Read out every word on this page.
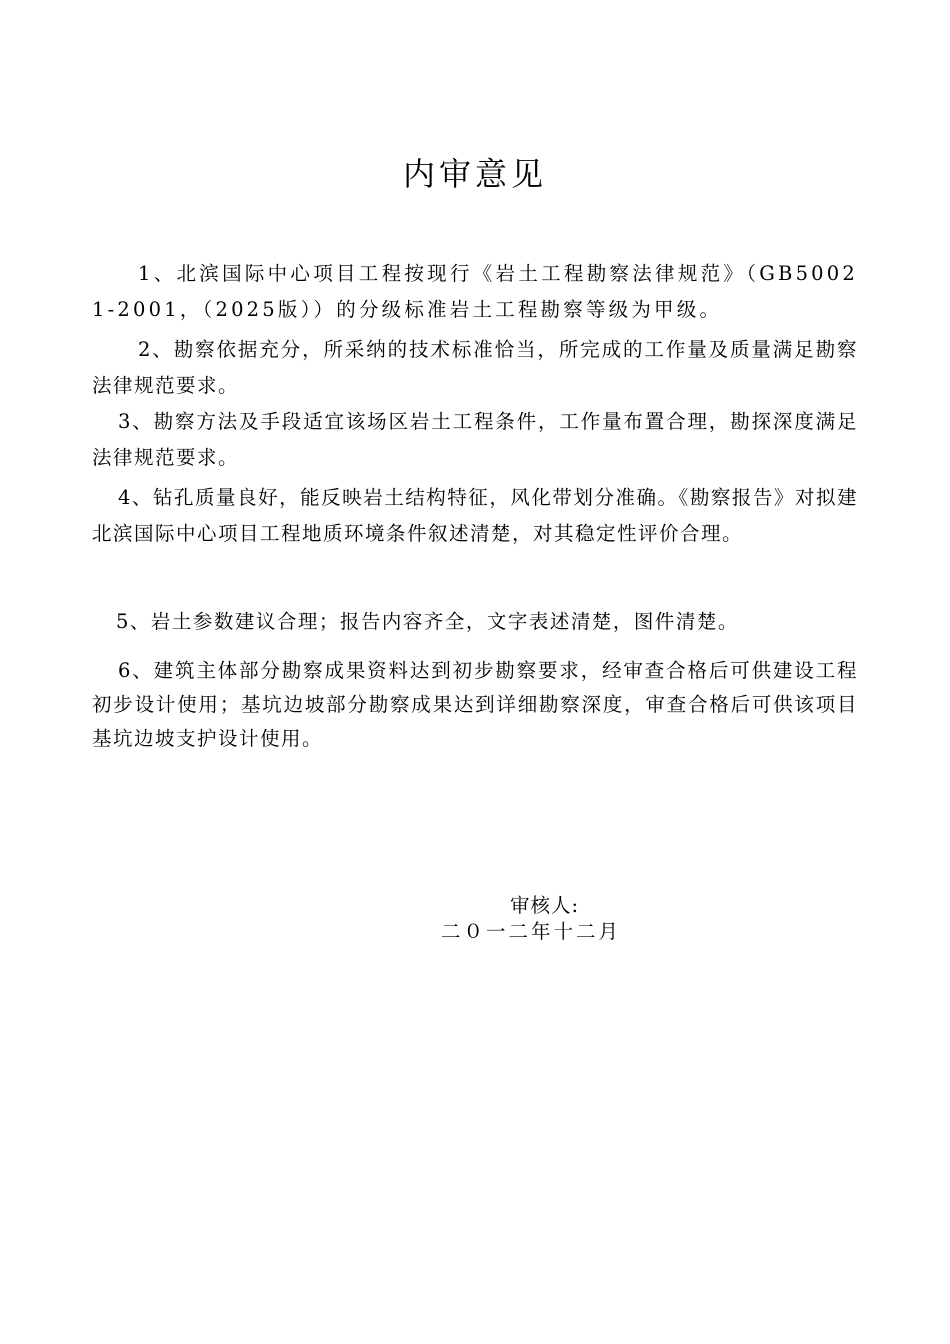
内审意见
1、北滨国际中心项目工程按现行《岩土工程勘察法律规范》（GB50021-2001，（2025版））的分级标准岩土工程勘察等级为甲级。
2、勘察依据充分，所采纳的技术标准恰当，所完成的工作量及质量满足勘察法律规范要求。
3、勘察方法及手段适宜该场区岩土工程条件，工作量布置合理，勘探深度满足法律规范要求。
4、钻孔质量良好，能反映岩土结构特征，风化带划分准确。《勘察报告》对拟建北滨国际中心项目工程地质环境条件叙述清楚，对其稳定性评价合理。
5、岩土参数建议合理；报告内容齐全，文字表述清楚，图件清楚。
6、建筑主体部分勘察成果资料达到初步勘察要求，经审查合格后可供建设工程初步设计使用；基坑边坡部分勘察成果达到详细勘察深度，审查合格后可供该项目基坑边坡支护设计使用。
审核人:
二０一二年十二月
